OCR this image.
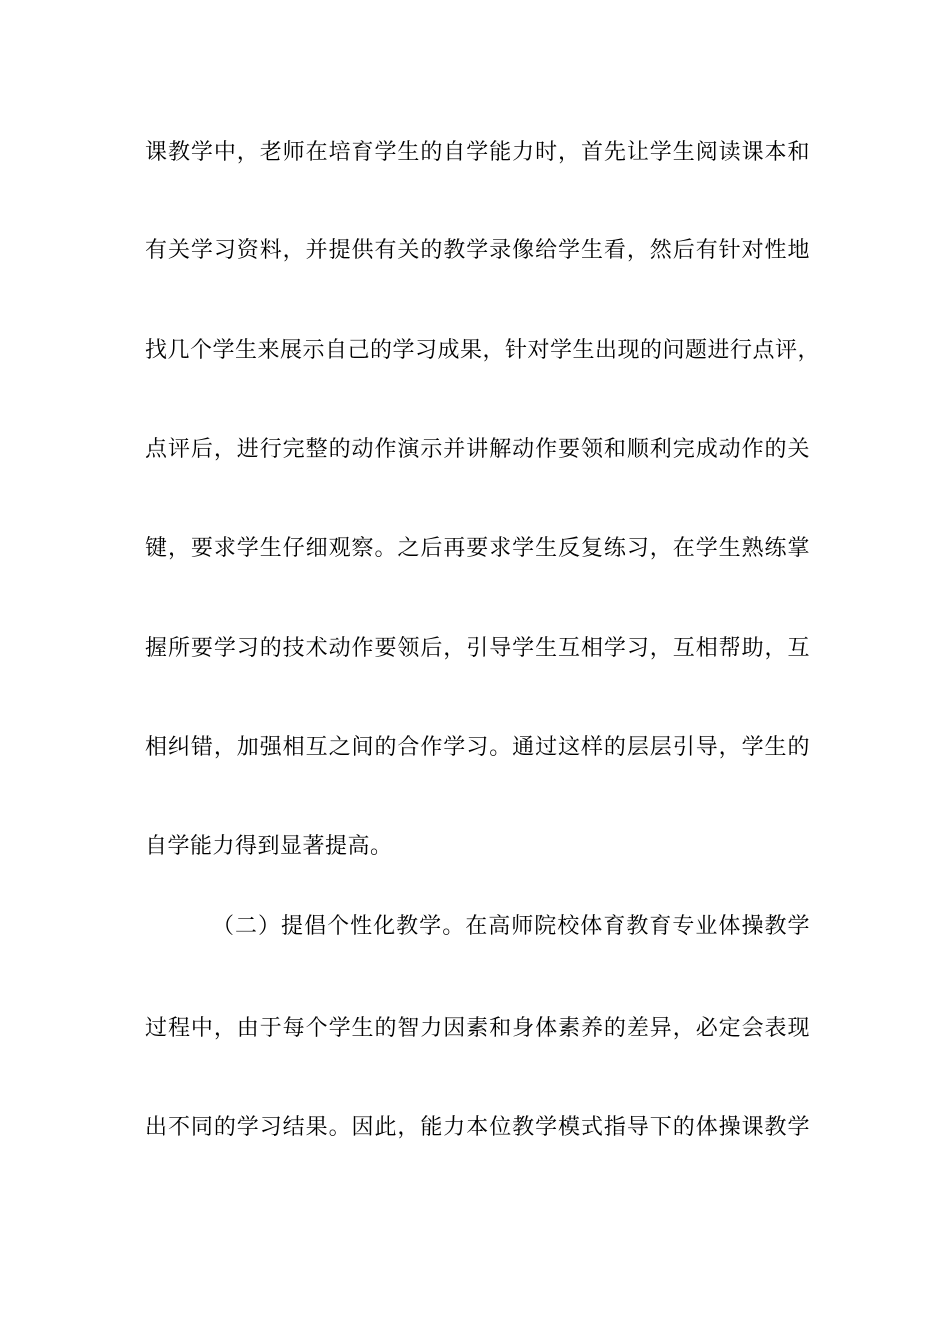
课教学中，老师在培育学生的自学能力时，首先让学生阅读课本和
有关学习资料，并提供有关的教学录像给学生看，然后有针对性地
找几个学生来展示自己的学习成果，针对学生出现的问题进行点评，
点评后，进行完整的动作演示并讲解动作要领和顺利完成动作的关
键，要求学生仔细观察。之后再要求学生反复练习，在学生熟练掌
握所要学习的技术动作要领后，引导学生互相学习，互相帮助，互
相纠错，加强相互之间的合作学习。通过这样的层层引导，学生的
自学能力得到显著提高。
（二）提倡个性化教学。在高师院校体育教育专业体操教学
过程中，由于每个学生的智力因素和身体素养的差异，必定会表现
出不同的学习结果。因此，能力本位教学模式指导下的体操课教学
